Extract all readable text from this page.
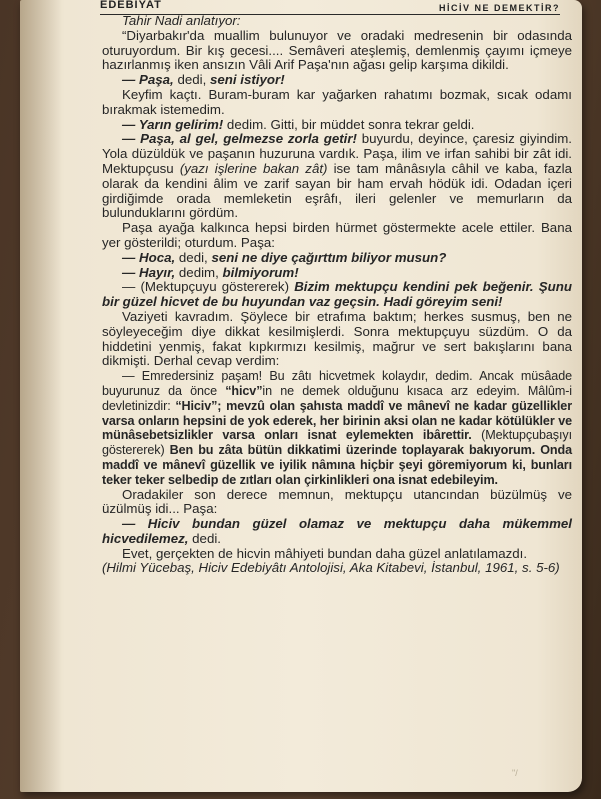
EDEBİYAT	HİCİV NE DEMEKTİR?

Tahir Nadi anlatıyor:

“Diyarbakır'da muallim bulunuyor ve oradaki medresenin bir odasında oturuyordum. Bir kış gecesi.... Semâveri ateşlemiş, demlenmiş çayımı içmeye hazırlanmış iken ansızın Vâli Arif Paşa'nın ağası gelip karşıma dikildi.

— Paşa, dedi, seni istiyor!

Keyfim kaçtı. Buram-buram kar yağarken rahatımı bozmak, sıcak odamı bırakmak istemedim.

— Yarın gelirim! dedim. Gitti, bir müddet sonra tekrar geldi.

— Paşa, al gel, gelmezse zorla getir! buyurdu, deyince, çaresiz giyindim. Yola düzüldük ve paşanın huzuruna vardık. Paşa, ilim ve irfan sahibi bir zât idi. Mektupçusu (yazı işlerine bakan zât) ise tam mânâsıyla câhil ve kaba, fazla olarak da kendini âlim ve zarif sayan bir ham ervah hödük idi. Odadan içeri girdiğimde orada memleketin eşrâfı, ileri gelenler ve memurların da bulunduklarını gördüm.

Paşa ayağa kalkınca hepsi birden hürmet göstermekte acele ettiler. Bana yer gösterildi; oturdum. Paşa:

— Hoca, dedi, seni ne diye çağırttım biliyor musun?

— Hayır, dedim, bilmiyorum!

— (Mektupçuyu göstererek) Bizim mektupçu kendini pek beğenir. Şunu bir güzel hicvet de bu huyundan vaz geçsin. Hadi göreyim seni!

Vaziyeti kavradım. Şöylece bir etrafıma baktım; herkes susmuş, ben ne söyleyeceğim diye dikkat kesilmişlerdi. Sonra mektupçuyu süzdüm. O da hiddetini yenmiş, fakat kıpkırmızı kesilmiş, mağrur ve sert bakışlarını bana dikmişti. Derhal cevap verdim:

— Emredersiniz paşam! Bu zâtı hicvetmek kolaydır, dedim. Ancak müsâade buyurunuz da önce “hicv”in ne demek olduğunu kısaca arz edeyim. Mâlûm-i devletinizdir: “Hiciv”; mevzû olan şahısta maddî ve mânevî ne kadar güzellikler varsa onların hepsini de yok ederek, her birinin aksi olan ne kadar kötülükler ve münâsebetsizlikler varsa onları isnat eylemekten ibârettir. (Mektupçubaşıyı göstererek) Ben bu zâta bütün dikkatimi üzerinde toplayarak bakıyorum. Onda maddî ve mânevî güzellik ve iyilik nâmına hiçbir şeyi göremiyorum ki, bunları teker teker selbedip de zıtları olan çirkinlikleri ona isnat edebileyim.

Oradakiler son derece memnun, mektupçu utancından büzülmüş ve üzülmüş idi... Paşa:

— Hiciv bundan güzel olamaz ve mektupçu daha mükemmel hicvedilemez, dedi.

Evet, gerçekten de hicvin mâhiyeti bundan daha güzel anlatılamazdı.

(Hilmi Yücebaş, Hiciv Edebiyâtı Antolojisi, Aka Kitabevi, İstanbul, 1961, s. 5-6)

"/
